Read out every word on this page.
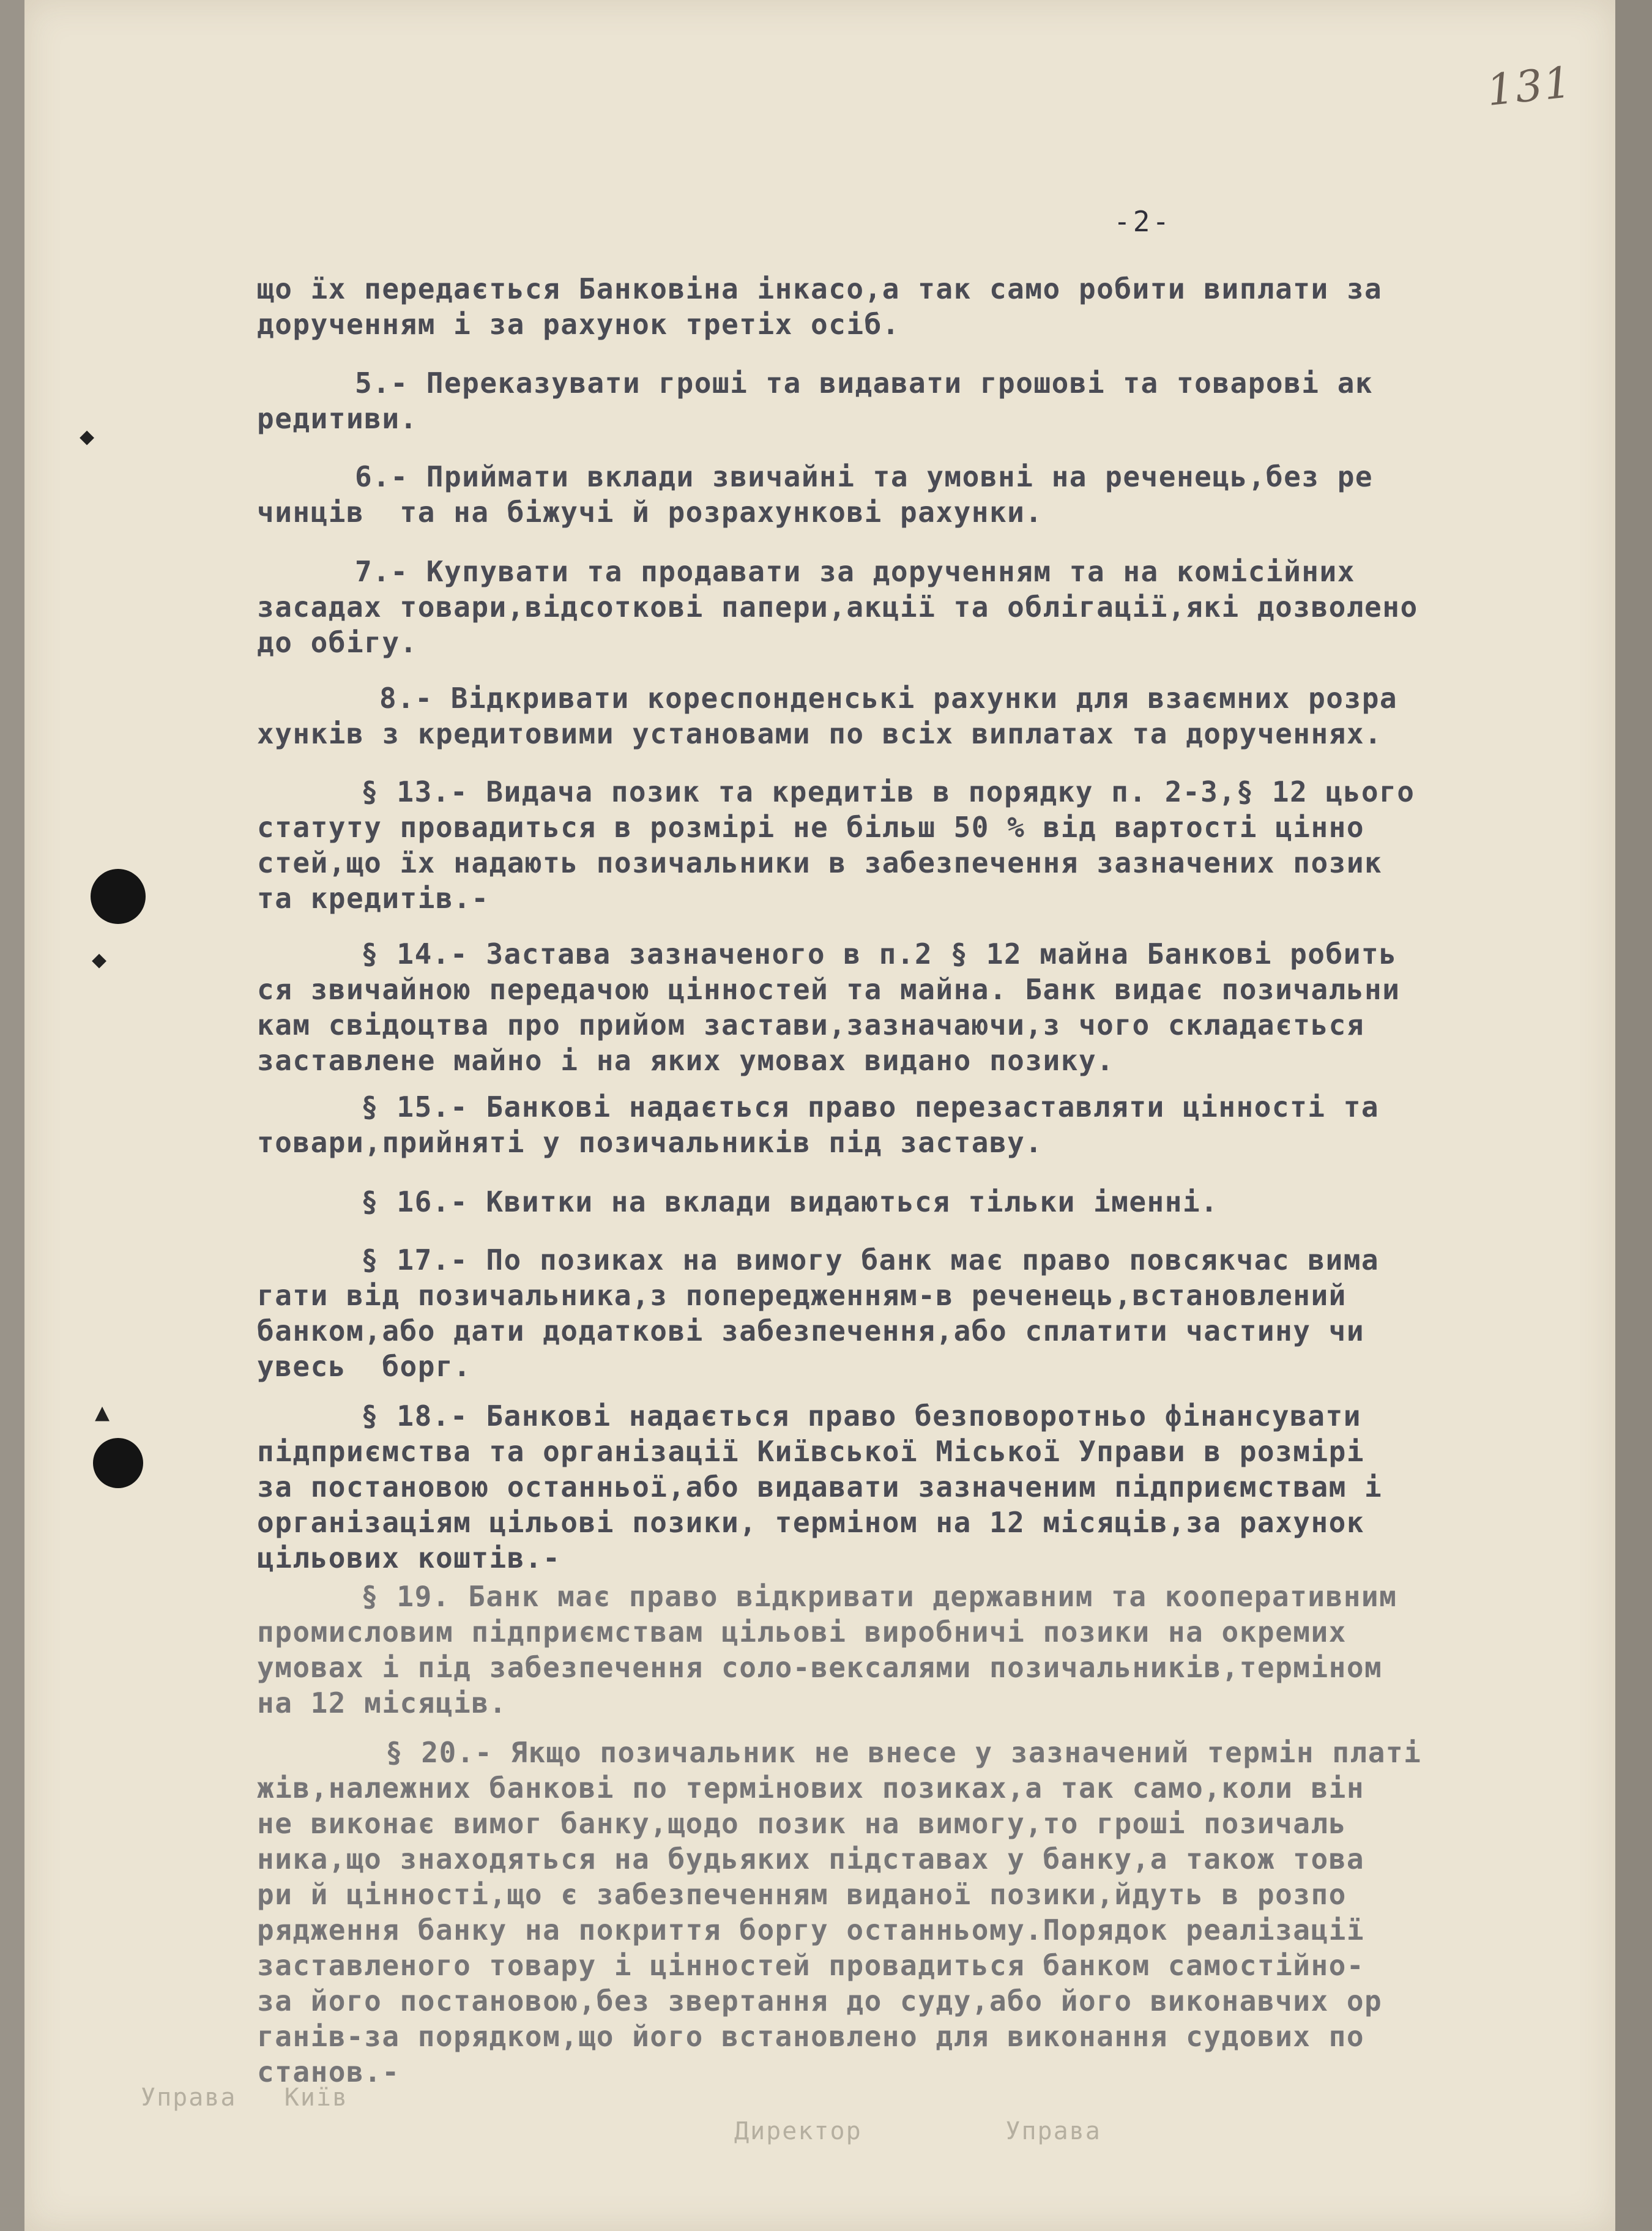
131
-2-
◆
◆
▲
що їх передається Банковіна інкасо,а так само робити виплати за
дорученням і за рахунок третіх осіб.
5.- Переказувати гроші та видавати грошові та товарові ак
редитиви.
6.- Приймати вклади звичайні та умовні на реченець,без ре
чинців  та на біжучі й розрахункові рахунки.
7.- Купувати та продавати за дорученням та на комісійних
засадах товари,відсоткові папери,акції та облігації,які дозволено
до обігу.
8.- Відкривати кореспонденські рахунки для взаємних розра
хунків з кредитовими установами по всіх виплатах та дорученнях.
§ 13.- Видача позик та кредитів в порядку п. 2-3,§ 12 цього
статуту провадиться в розмірі не більш 50 % від вартості цінно
стей,що їх надають позичальники в забезпечення зазначених позик
та кредитів.-
§ 14.- Застава зазначеного в п.2 § 12 майна Банкові робить
ся звичайною передачою цінностей та майна. Банк видає позичальни
кам свідоцтва про прийом застави,зазначаючи,з чого складається
заставлене майно і на яких умовах видано позику.
§ 15.- Банкові надається право перезаставляти цінності та
товари,прийняті у позичальників під заставу.
§ 16.- Квитки на вклади видаються тільки іменні.
§ 17.- По позиках на вимогу банк має право повсякчас вима
гати від позичальника,з попередженням-в реченець,встановлений
банком,або дати додаткові забезпечення,або сплатити частину чи
увесь  борг.
§ 18.- Банкові надається право безповоротньо фінансувати
підприємства та організації Київської Міської Управи в розмірі
за постановою останньої,або видавати зазначеним підприємствам і
організаціям цільові позики, терміном на 12 місяців,за рахунок
цільових коштів.-
§ 19. Банк має право відкривати державним та кооперативним
промисловим підприємствам цільові виробничі позики на окремих
умовах і під забезпечення соло-вексалями позичальників,терміном
на 12 місяців.
§ 20.- Якщо позичальник не внесе у зазначений термін платі
жів,належних банкові по термінових позиках,а так само,коли він
не виконає вимог банку,щодо позик на вимогу,то гроші позичаль
ника,що знаходяться на будьяких підставах у банку,а також това
ри й цінності,що є забезпеченням виданої позики,йдуть в розпо
рядження банку на покриття боргу останньому.Порядок реалізації
заставленого товару і цінностей провадиться банком самостійно-
за його постановою,без звертання до суду,або його виконавчих ор
ганів-за порядком,що його встановлено для виконання судових по
станов.-
Управа   Київ
Директор         Управа
